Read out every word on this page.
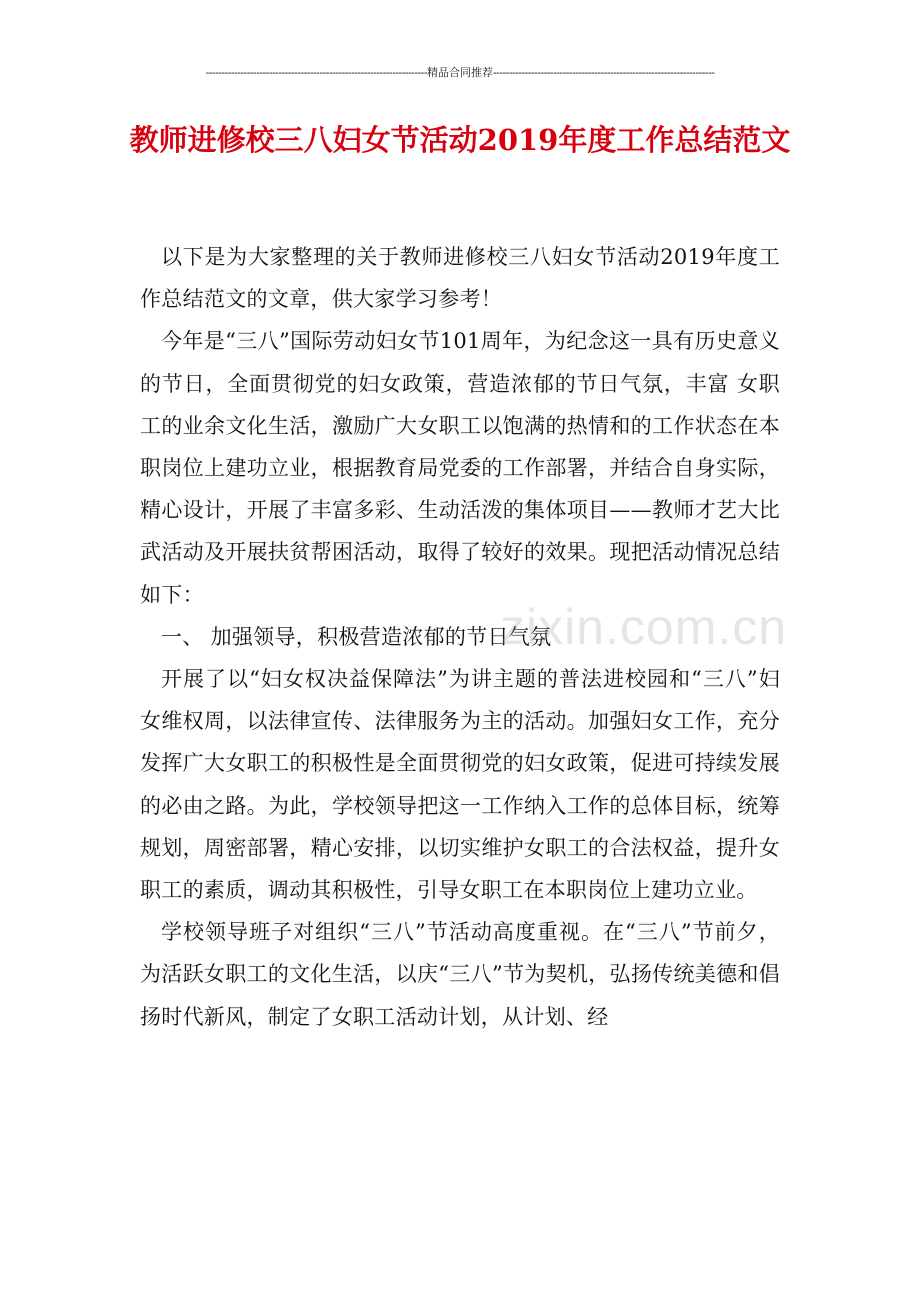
----------------------------------------------------------------------精品合同推荐----------------------------------------------------------------------
教师进修校三八妇女节活动2019年度工作总结范文

以下是为大家整理的关于教师进修校三八妇女节活动2019年度工作总结范文的文章，供大家学习参考！

今年是“三八”国际劳动妇女节101周年，为纪念这一具有历史意义的节日，全面贯彻党的妇女政策，营造浓郁的节日气氛，丰富 女职工的业余文化生活，激励广大女职工以饱满的热情和的工作状态在本职岗位上建功立业，根据教育局党委的工作部署，并结合自身实际，精心设计，开展了丰富多彩、生动活泼的集体项目——教师才艺大比武活动及开展扶贫帮困活动，取得了较好的效果。现把活动情况总结如下：

一、 加强领导，积极营造浓郁的节日气氛

开展了以“妇女权决益保障法”为讲主题的普法进校园和“三八”妇女维权周，以法律宣传、法律服务为主的活动。加强妇女工作，充分发挥广大女职工的积极性是全面贯彻党的妇女政策，促进可持续发展的必由之路。为此，学校领导把这一工作纳入工作的总体目标，统筹规划，周密部署，精心安排，以切实维护女职工的合法权益，提升女职工的素质，调动其积极性，引导女职工在本职岗位上建功立业。

学校领导班子对组织“三八”节活动高度重视。在“三八”节前夕，为活跃女职工的文化生活，以庆“三八”节为契机，弘扬传统美德和倡扬时代新风，制定了女职工活动计划，从计划、经

zixin.com.cn
